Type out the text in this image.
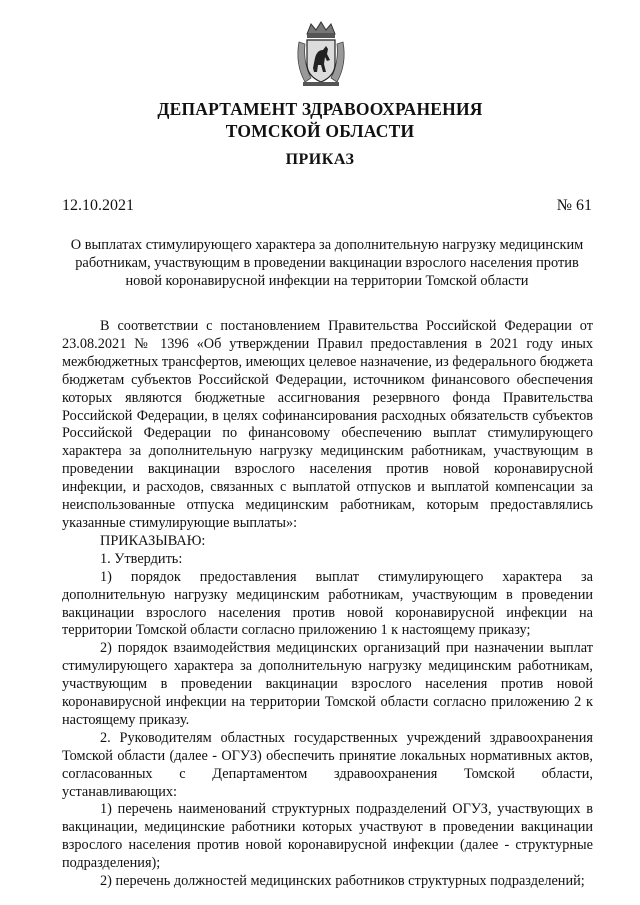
ДЕПАРТАМЕНТ ЗДРАВООХРАНЕНИЯ
ТОМСКОЙ ОБЛАСТИ
ПРИКАЗ
12.10.2021	№ 61
О выплатах стимулирующего характера за дополнительную нагрузку медицинским работникам, участвующим в проведении вакцинации взрослого населения против новой коронавирусной инфекции на территории Томской области

В соответствии с постановлением Правительства Российской Федерации от 23.08.2021 № 1396 «Об утверждении Правил предоставления в 2021 году иных межбюджетных трансфертов, имеющих целевое назначение, из федерального бюджета бюджетам субъектов Российской Федерации, источником финансового обеспечения которых являются бюджетные ассигнования резервного фонда Правительства Российской Федерации, в целях софинансирования расходных обязательств субъектов Российской Федерации по финансовому обеспечению выплат стимулирующего характера за дополнительную нагрузку медицинским работникам, участвующим в проведении вакцинации взрослого населения против новой коронавирусной инфекции, и расходов, связанных с выплатой отпусков и выплатой компенсации за неиспользованные отпуска медицинским работникам, которым предоставлялись указанные стимулирующие выплаты»:

ПРИКАЗЫВАЮ:

1. Утвердить:

1) порядок предоставления выплат стимулирующего характера за дополнительную нагрузку медицинским работникам, участвующим в проведении вакцинации взрослого населения против новой коронавирусной инфекции на территории Томской области согласно приложению 1 к настоящему приказу;

2) порядок взаимодействия медицинских организаций при назначении выплат стимулирующего характера за дополнительную нагрузку медицинским работникам, участвующим в проведении вакцинации взрослого населения против новой коронавирусной инфекции на территории Томской области согласно приложению 2 к настоящему приказу.

2. Руководителям областных государственных учреждений здравоохранения Томской области (далее - ОГУЗ) обеспечить принятие локальных нормативных актов, согласованных с Департаментом здравоохранения Томской области, устанавливающих:

1) перечень наименований структурных подразделений ОГУЗ, участвующих в вакцинации, медицинские работники которых участвуют в проведении вакцинации взрослого населения против новой коронавирусной инфекции (далее - структурные подразделения);

2) перечень должностей медицинских работников структурных подразделений;
